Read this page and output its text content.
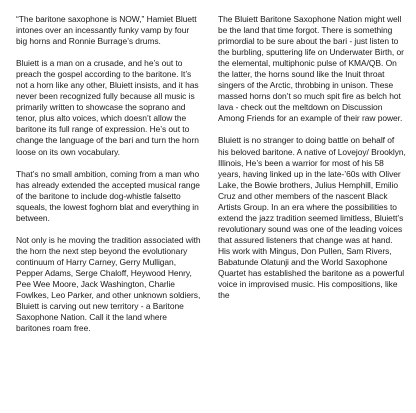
“The baritone saxophone is NOW,” Hamiet Bluett intones over an incessantly funky vamp by four big horns and Ronnie Burrage’s drums.

Bluiett is a man on a crusade, and he’s out to preach the gospel according to the baritone. It’s not a horn like any other, Bluiett insists, and it has never been recognized fully because all music is primarily written to showcase the soprano and tenor, plus alto voices, which doesn’t allow the baritone its full range of expression. He’s out to change the language of the bari and turn the horn loose on its own vocabulary.

That’s no small ambition, coming from a man who has already extended the accepted musical range of the baritone to include dog-whistle falsetto squeals, the lowest foghorn blat and everything in between.

Not only is he moving the tradition associated with the horn the next step beyond the evolutionary continuum of Harry Carney, Gerry Mulligan, Pepper Adams, Serge Chaloff, Heywood Henry, Pee Wee Moore, Jack Washington, Charlie Fowlkes, Leo Parker, and other unknown soldiers, Bluiett is carving out new territory - a Baritone Saxophone Nation. Call it the land where baritones roam free.

The Bluiett Baritone Saxophone Nation might well be the land that time forgot. There is something primordial to be sure about the bari - just listen to the burbling, sputtering life on Underwater Birth, or the elemental, multiphonic pulse of KMA/QB. On the latter, the horns sound like the Inuit throat singers of the Arctic, throbbing in unison. These massed horns don’t so much spit fire as belch hot lava - check out the meltdown on Discussion Among Friends for an example of their raw power.

Bluiett is no stranger to doing battle on behalf of his beloved baritone. A native of Lovejoy/ Brooklyn, Illinois, He’s been a warrior for most of his 58 years, having linked up in the late-’60s with Oliver Lake, the Bowie brothers, Julius Hemphill, Emilio Cruz and other members of the nascent Black Artists Group. In an era where the possibilities to extend the jazz tradition seemed limitless, Bluiett’s revolutionary sound was one of the leading voices that assured listeners that change was at hand. His work with Mingus, Don Pullen, Sam Rivers, Babatunde Olatunji and the World Saxophone Quartet has established the baritone as a powerful voice in improvised music. His compositions, like the
